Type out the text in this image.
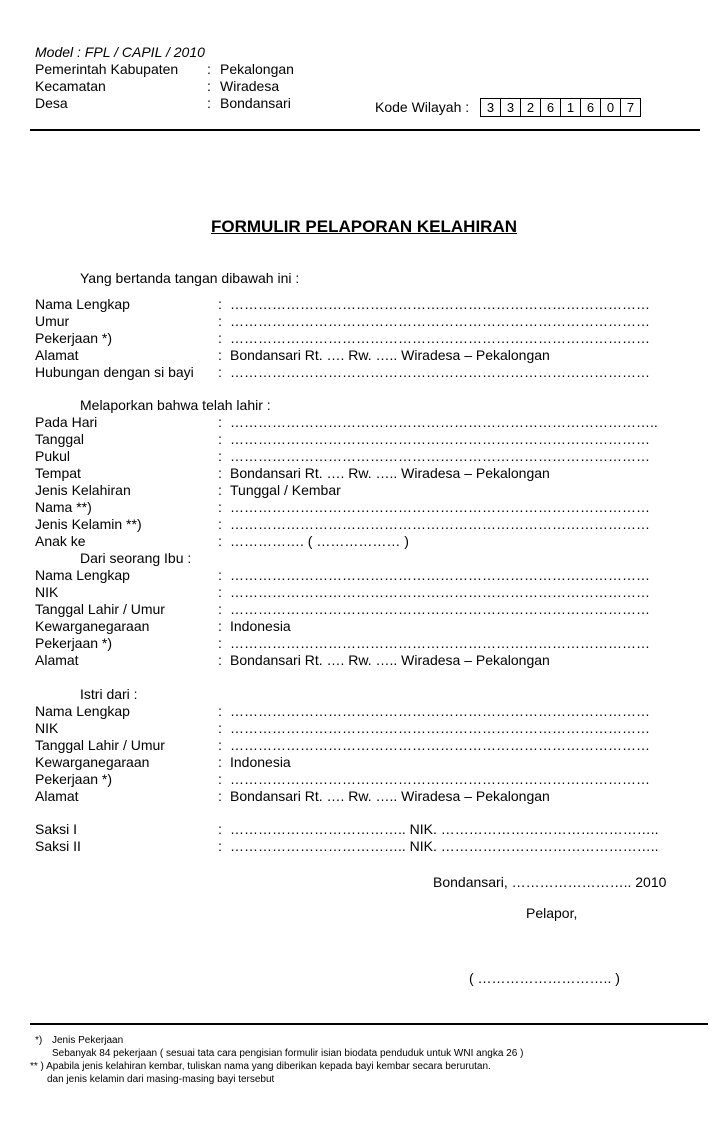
Model : FPL / CAPIL / 2010
Pemerintah Kabupaten : Pekalongan
Kecamatan	: Wiradesa
Desa	: Bondansari	Kode Wilayah :	3 3 2 6 1 6 0 7
FORMULIR PELAPORAN KELAHIRAN
Yang bertanda tangan dibawah ini :
Nama Lengkap	: ………………………………………………………………………………
Umur	: ………………………………………………………………………………
Pekerjaan *)	: ………………………………………………………………………………
Alamat	: Bondansari Rt. …. Rw. ….. Wiradesa – Pekalongan
Hubungan dengan si bayi : ………………………………………………………………………………
Melaporkan bahwa telah lahir :
Pada Hari	: ………………………………………………………………………………..
Tanggal	: ………………………………………………………………………………
Pukul	: ………………………………………………………………………………
Tempat	: Bondansari Rt. …. Rw. ….. Wiradesa – Pekalongan
Jenis Kelahiran	: Tunggal / Kembar
Nama **)	: ………………………………………………………………………………
Jenis Kelamin **)	: ………………………………………………………………………………
Anak ke	: ……………. ( ……………… )
Dari seorang Ibu :
Nama Lengkap	: ………………………………………………………………………………
NIK	: ………………………………………………………………………………
Tanggal Lahir / Umur	: ………………………………………………………………………………
Kewarganegaraan	: Indonesia
Pekerjaan *)	: ………………………………………………………………………………
Alamat	: Bondansari Rt. …. Rw. ….. Wiradesa – Pekalongan
Istri dari :
Nama Lengkap	: ………………………………………………………………………………
NIK	: ………………………………………………………………………………
Tanggal Lahir / Umur	: ………………………………………………………………………………
Kewarganegaraan	: Indonesia
Pekerjaan *)	: ………………………………………………………………………………
Alamat	: Bondansari Rt. …. Rw. ….. Wiradesa – Pekalongan
Saksi I	: ……………………………….. NIK. ………………………………………..
Saksi II	: ……………………………….. NIK. ………………………………………..
Bondansari, …………………….. 2010
Pelapor,
( ……………………….. )
*) Jenis Pekerjaan
Sebanyak 84 pekerjaan ( sesuai tata cara pengisian formulir isian biodata penduduk untuk WNI angka 26 )
** ) Apabila jenis kelahiran kembar, tuliskan nama yang diberikan kepada bayi kembar secara berurutan.
dan jenis kelamin dari masing-masing bayi tersebut
